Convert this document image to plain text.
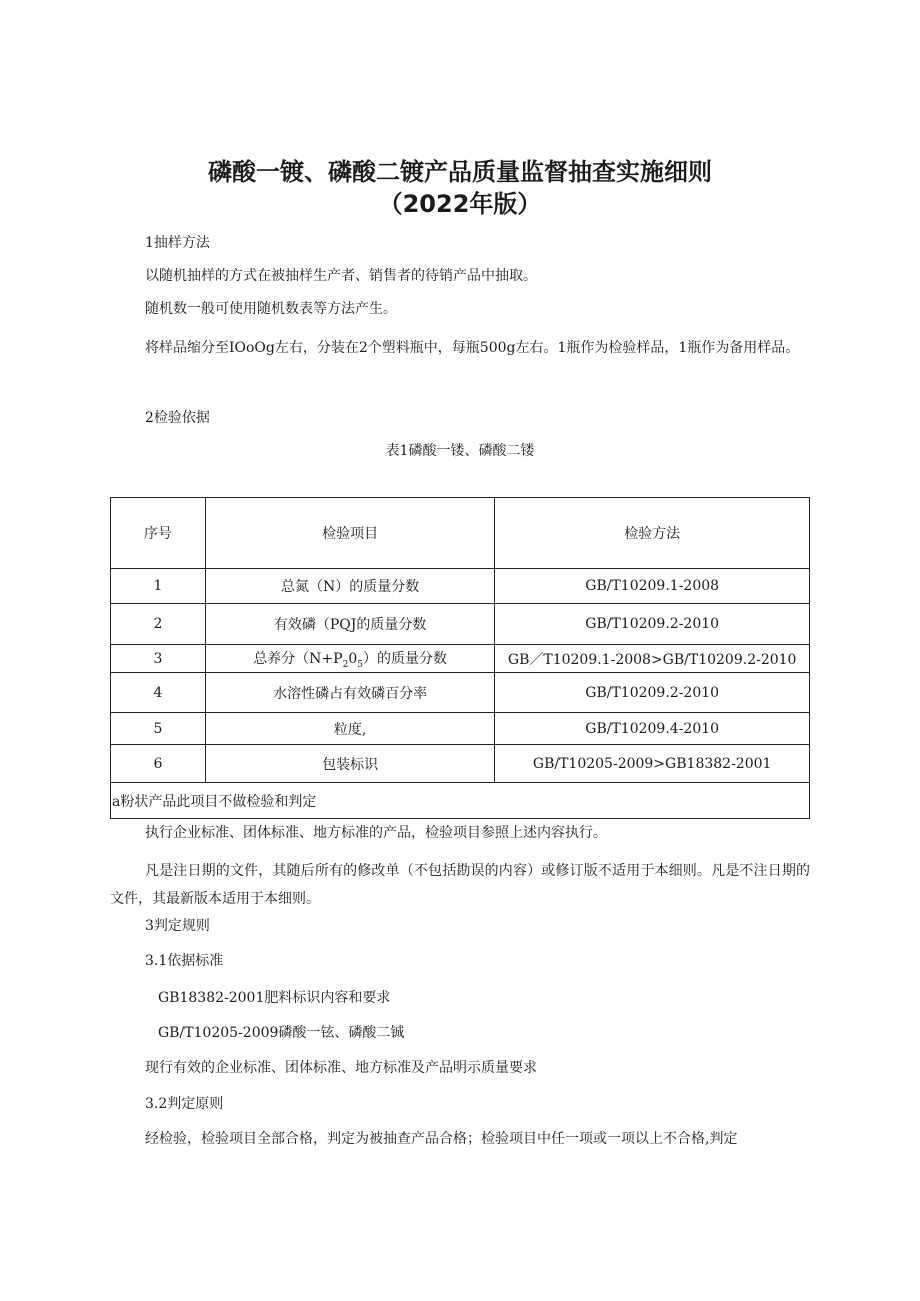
磷酸一镀、磷酸二镀产品质量监督抽查实施细则
（2022年版）
1抽样方法
以随机抽样的方式在被抽样生产者、销售者的待销产品中抽取。
随机数一般可使用随机数表等方法产生。
将样品缩分至IOoOg左右，分装在2个塑料瓶中，每瓶500g左右。1瓶作为检验样品，1瓶作为备用样品。
2检验依据
表1磷酸一镂、磷酸二镂
序号	检验项目	检验方法
1	总氮（N）的质量分数	GB/T10209.1-2008
2	有效磷（PQJ的质量分数	GB/T10209.2-2010
3	总养分$(N+P_20_5)$的质量分数	GB／T10209.1-2008>GB/T10209.2-2010
4	水溶性磷占有效磷百分率	GB/T10209.2-2010
5	粒度,	GB/T10209.4-2010
6	包装标识	GB/T10205-2009>GB18382-2001
a粉状产品此项目不做检验和判定		
执行企业标准、团体标准、地方标准的产品，检验项目参照上述内容执行。
凡是注日期的文件，其随后所有的修改单（不包括勘误的内容）或修订版不适用于本细则。凡是不注日期的文件，其最新版本适用于本细则。
3判定规则
3.1依据标准
GB18382-2001肥料标识内容和要求
GB/T10205-2009磷酸一铉、磷酸二铖
现行有效的企业标准、团体标准、地方标准及产品明示质量要求
3.2判定原则
经检验，检验项目全部合格，判定为被抽查产品合格；检验项目中任一项或一项以上不合格,判定
